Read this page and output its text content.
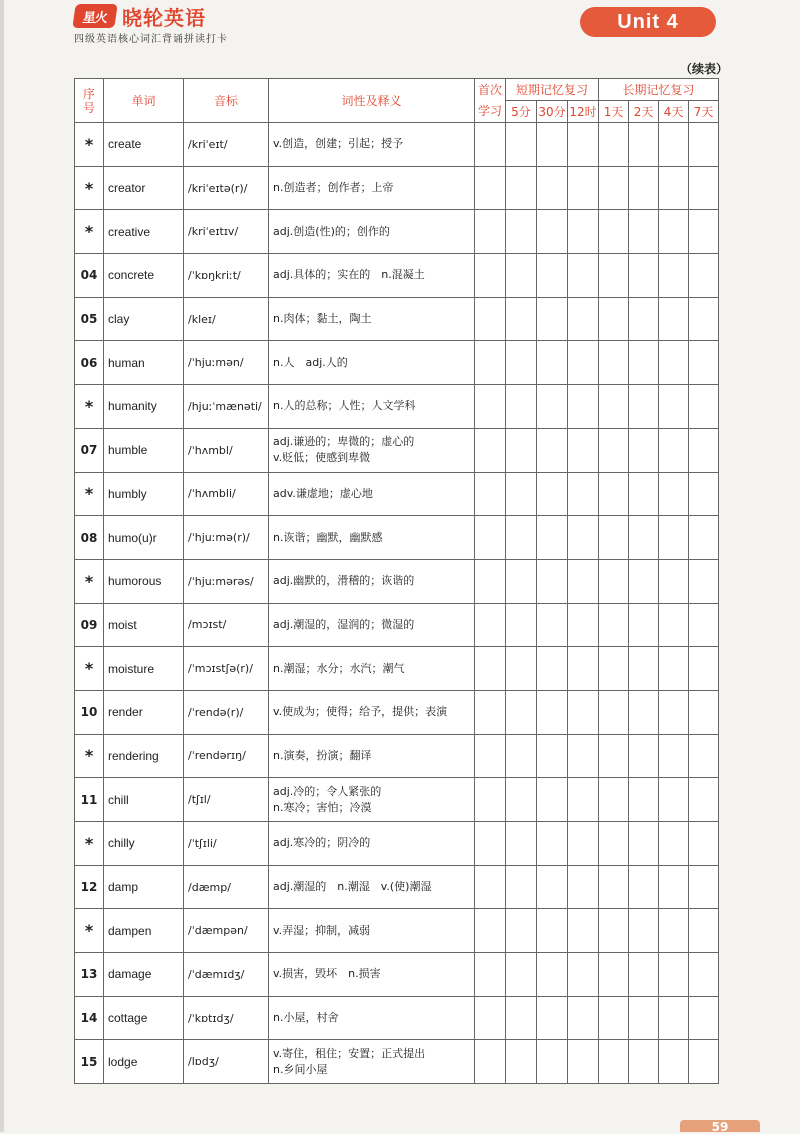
星火 晓轮英语
四级英语核心词汇背诵拼读打卡
Unit 4
（续表）
序号	单词	音标	词性及释义	首次学习	短期记忆复习			长期记忆复习			
					5分	30分	12时	1天	2天	4天	7天
*	create	/kriˈeɪt/	v.创造，创建；引起；授予								
*	creator	/kriˈeɪtə(r)/	n.创造者；创作者；上帝								
*	creative	/kriˈeɪtɪv/	adj.创造(性)的；创作的								
04	concrete	/ˈkɒŋkriːt/	adj.具体的；实在的　n.混凝土								
05	clay	/kleɪ/	n.肉体；黏土，陶土								
06	human	/ˈhjuːmən/	n.人　adj.人的								
*	humanity	/hjuːˈmænəti/	n.人的总称；人性；人文学科								
07	humble	/ˈhʌmbl/	adj.谦逊的；卑微的；虚心的
v.贬低；使感到卑微								
*	humbly	/ˈhʌmbli/	adv.谦虚地；虚心地								
08	humo(u)r	/ˈhjuːmə(r)/	n.诙谐；幽默，幽默感								
*	humorous	/ˈhjuːmərəs/	adj.幽默的，滑稽的；诙谐的								
09	moist	/mɔɪst/	adj.潮湿的，湿润的；微湿的								
*	moisture	/ˈmɔɪstʃə(r)/	n.潮湿；水分；水汽；潮气								
10	render	/ˈrendə(r)/	v.使成为；使得；给予，提供；表演								
*	rendering	/ˈrendərɪŋ/	n.演奏，扮演；翻译								
11	chill	/tʃɪl/	adj.冷的；令人紧张的
n.寒冷；害怕；冷漠								
*	chilly	/ˈtʃɪli/	adj.寒冷的；阴冷的								
12	damp	/dæmp/	adj.潮湿的　n.潮湿　v.(使)潮湿								
*	dampen	/ˈdæmpən/	v.弄湿；抑制，减弱								
13	damage	/ˈdæmɪdʒ/	v.损害，毁坏　n.损害								
14	cottage	/ˈkɒtɪdʒ/	n.小屋，村舍								
15	lodge	/lɒdʒ/	v.寄住，租住；安置；正式提出
n.乡间小屋								
59
